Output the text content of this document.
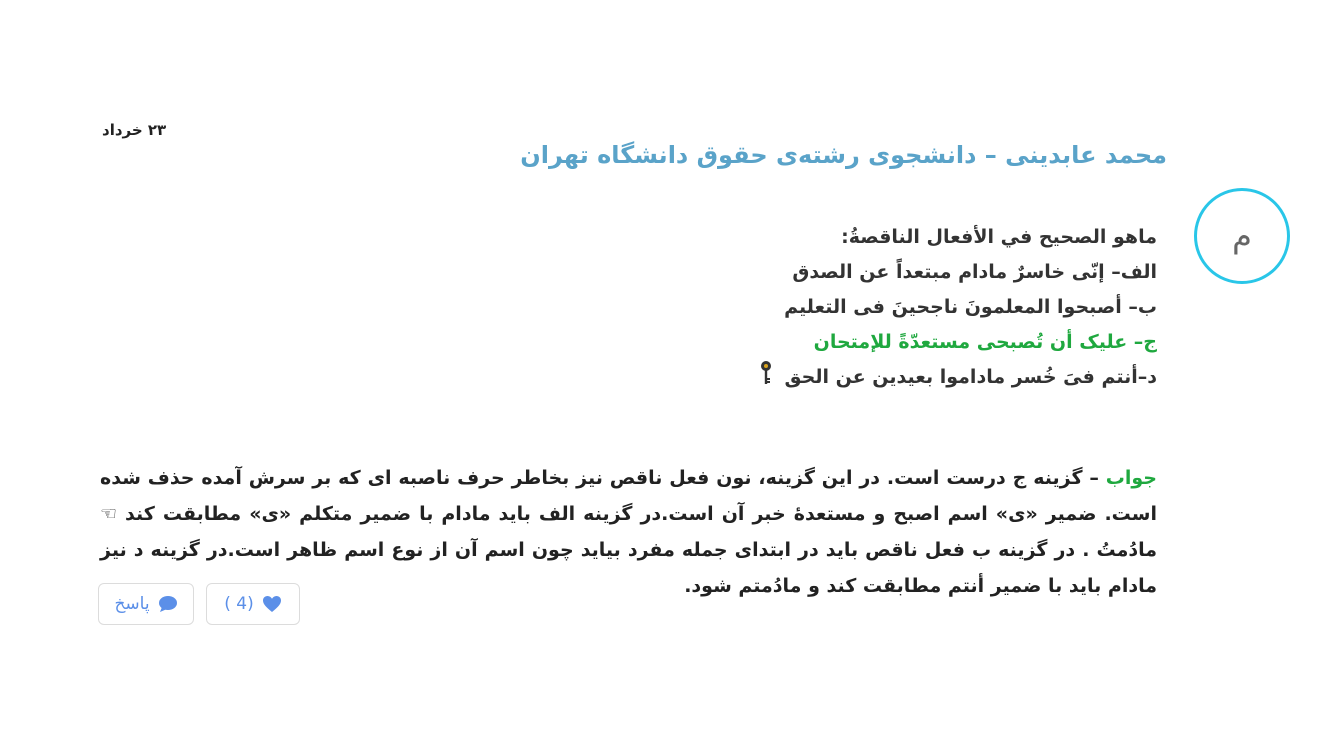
۲۳ خرداد
محمد عابدینی – دانشجوی رشته‌ی حقوق دانشگاه تهران
م
ماهو الصحیح في الأفعال الناقصةُ:
الف– إنّی خاسرٌ مادام مبتعداً عن الصدق
ب– أصبحوا المعلمونَ ناجحینَ فی التعلیم
ج– علیک أن تُصبحی مستعدّةً للإمتحان
د–أنتم فیَ خُسر ماداموا بعیدین عن الحق
جواب – گزینه ج درست است. در این گزینه، نون فعل ناقص نیز بخاطر حرف ناصبه ای که بر سرش آمده حذف شده است. ضمیر «ی» اسم اصبح و مستعدۀ خبر آن است.در گزینه الف باید مادام با ضمیر متکلم «ی» مطابقت کند ☜مادُمتُ . در گزینه ب فعل ناقص باید در ابتدای جمله مفرد بیاید چون اسم آن از نوع اسم ظاهر است.در گزینه د نیز مادام باید با ضمیر أنتم مطابقت کند و مادُمتم شود.
پاسخ	( 4)
